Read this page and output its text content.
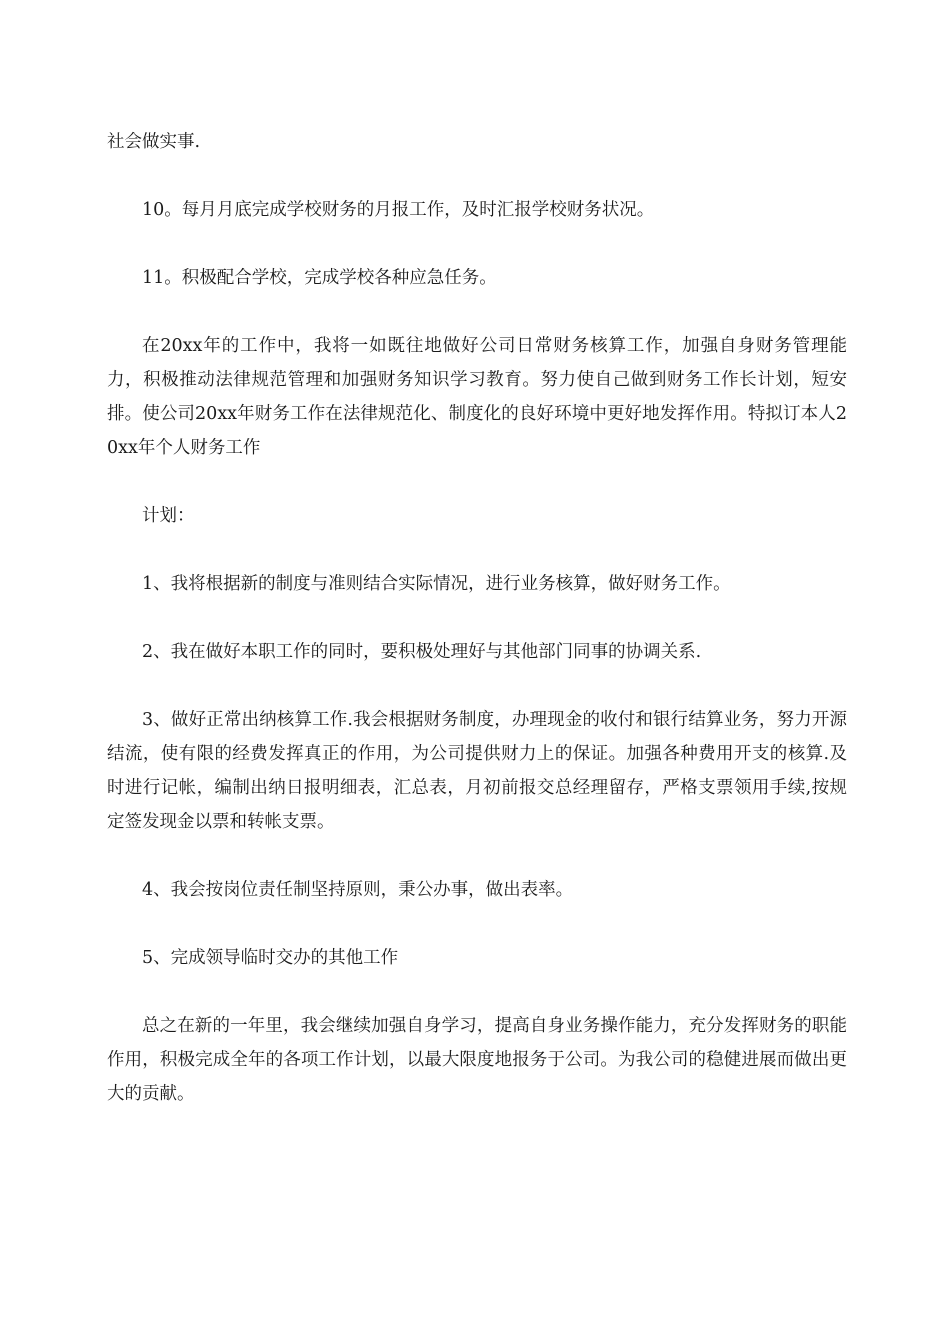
社会做实事.

10。每月月底完成学校财务的月报工作，及时汇报学校财务状况。

11。积极配合学校，完成学校各种应急任务。

在20xx年的工作中，我将一如既往地做好公司日常财务核算工作，加强自身财务管理能力，积极推动法律规范管理和加强财务知识学习教育。努力使自己做到财务工作长计划，短安排。使公司20xx年财务工作在法律规范化、制度化的良好环境中更好地发挥作用。特拟订本人20xx年个人财务工作

计划：

1、我将根据新的制度与准则结合实际情况，进行业务核算，做好财务工作。

2、我在做好本职工作的同时，要积极处理好与其他部门同事的协调关系.

3、做好正常出纳核算工作.我会根据财务制度，办理现金的收付和银行结算业务，努力开源结流，使有限的经费发挥真正的作用，为公司提供财力上的保证。加强各种费用开支的核算.及时进行记帐，编制出纳日报明细表，汇总表，月初前报交总经理留存，严格支票领用手续,按规定签发现金以票和转帐支票。

4、我会按岗位责任制坚持原则，秉公办事，做出表率。

5、完成领导临时交办的其他工作

总之在新的一年里，我会继续加强自身学习，提高自身业务操作能力，充分发挥财务的职能作用，积极完成全年的各项工作计划，以最大限度地报务于公司。为我公司的稳健进展而做出更大的贡献。
